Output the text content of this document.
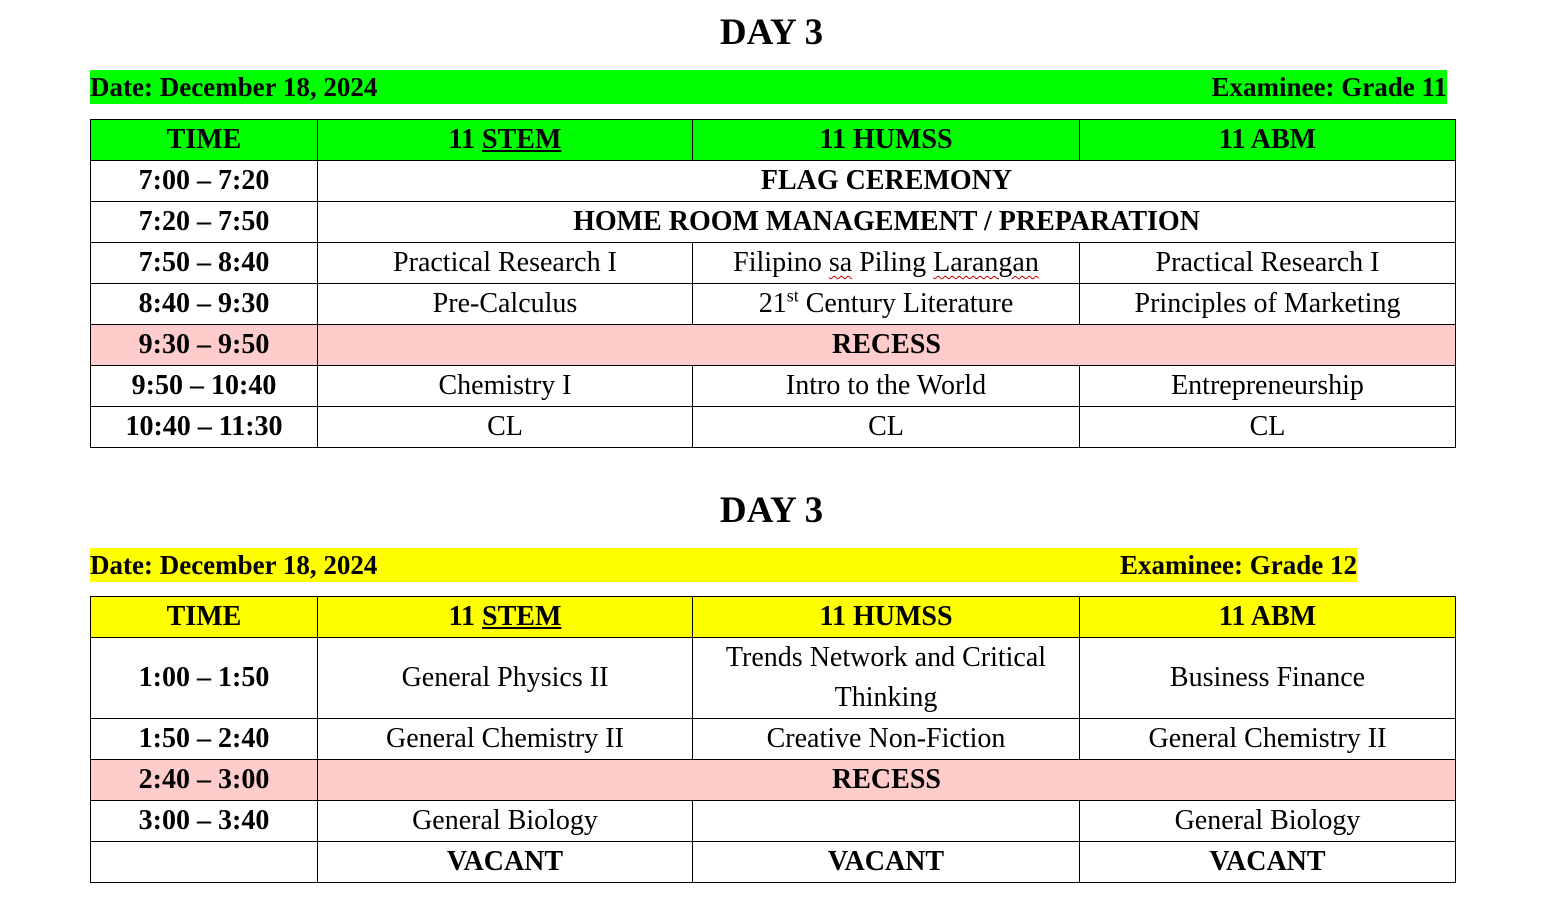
DAY 3
Date: December 18, 2024	Examinee: Grade 11
TIME	11 STEM	11 HUMSS	11 ABM
7:00 – 7:20	FLAG CEREMONY		
7:20 – 7:50	HOME ROOM MANAGEMENT / PREPARATION		
7:50 – 8:40	Practical Research I	Filipino sa Piling Larangan	Practical Research I
8:40 – 9:30	Pre-Calculus	21st Century Literature	Principles of Marketing
9:30 – 9:50	RECESS		
9:50 – 10:40	Chemistry I	Intro to the World	Entrepreneurship
10:40 – 11:30	CL	CL	CL
DAY 3
Date: December 18, 2024	Examinee: Grade 12
TIME	11 STEM	11 HUMSS	11 ABM
1:00 – 1:50	General Physics II	Trends Network and Critical Thinking	Business Finance
1:50 – 2:40	General Chemistry II	Creative Non-Fiction	General Chemistry II
2:40 – 3:00	RECESS		
3:00 – 3:40	General Biology		General Biology
	VACANT	VACANT	VACANT
